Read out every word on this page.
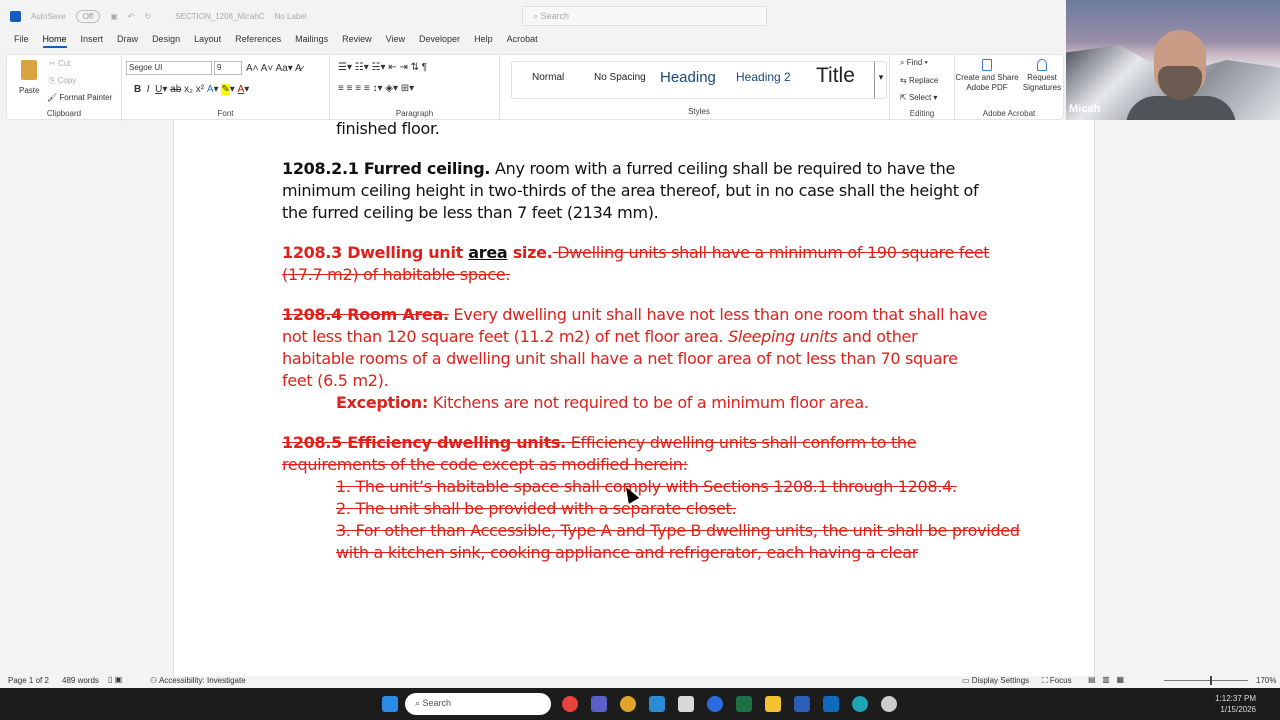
AutoSave	Off	▣ ↶ ↻	SECTION_1208_MicahC No Label	⌕ Search
File Home Insert Draw Design Layout References Mailings Review View Developer Help Acrobat
Paste
✂ Cut
⎘ Copy
🖌 Format Painter
Clipboard
Segoe UI	9	A˄ A˅ Aa▾ A̷
B I U▾ ab x₂ x² A▾ ✎▾ A▾
Font
☰▾ ☷▾ ☵▾ ⇤ ⇥ ⇅ ¶
≡ ≡ ≡ ≡ ↕▾ ◈▾ ⊞▾
Paragraph
Normal	No Spacing Heading Heading 2 Title	▾
Styles
⌕ Find ▾
⇆ Replace
⇱ Select ▾
Editing
Create and Share
Adobe PDF
Request
Signatures
Adobe Acrobat	Micah
finished floor.
1208.2.1 Furred ceiling. Any room with a furred ceiling shall be required to have the minimum ceiling height in two-thirds of the area thereof, but in no case shall the height of the furred ceiling be less than 7 feet (2134 mm).
1208.3 Dwelling unit area size. Dwelling units shall have a minimum of 190 square feet (17.7 m2) of habitable space.
1208.4 Room Area. Every dwelling unit shall have not less than one room that shall have not less than 120 square feet (11.2 m2) of net floor area. Sleeping units and other habitable rooms of a dwelling unit shall have a net floor area of not less than 70 square feet (6.5 m2).
Exception: Kitchens are not required to be of a minimum floor area.
1208.5 Efficiency dwelling units. Efficiency dwelling units shall conform to the requirements of the code except as modified herein:
1. The unit’s habitable space shall comply with Sections 1208.1 through 1208.4.
2. The unit shall be provided with a separate closet.
3. For other than Accessible, Type A and Type B dwelling units, the unit shall be provided with a kitchen sink, cooking appliance and refrigerator, each having a clear
Page 1 of 2 489 words ▯ ▣	⚇ Accessibility: Investigate	▭ Display Settings ⛶ Focus ▤   ▥   ▦	170%
⌕ Search	1:12:37 PM
1/15/2026
